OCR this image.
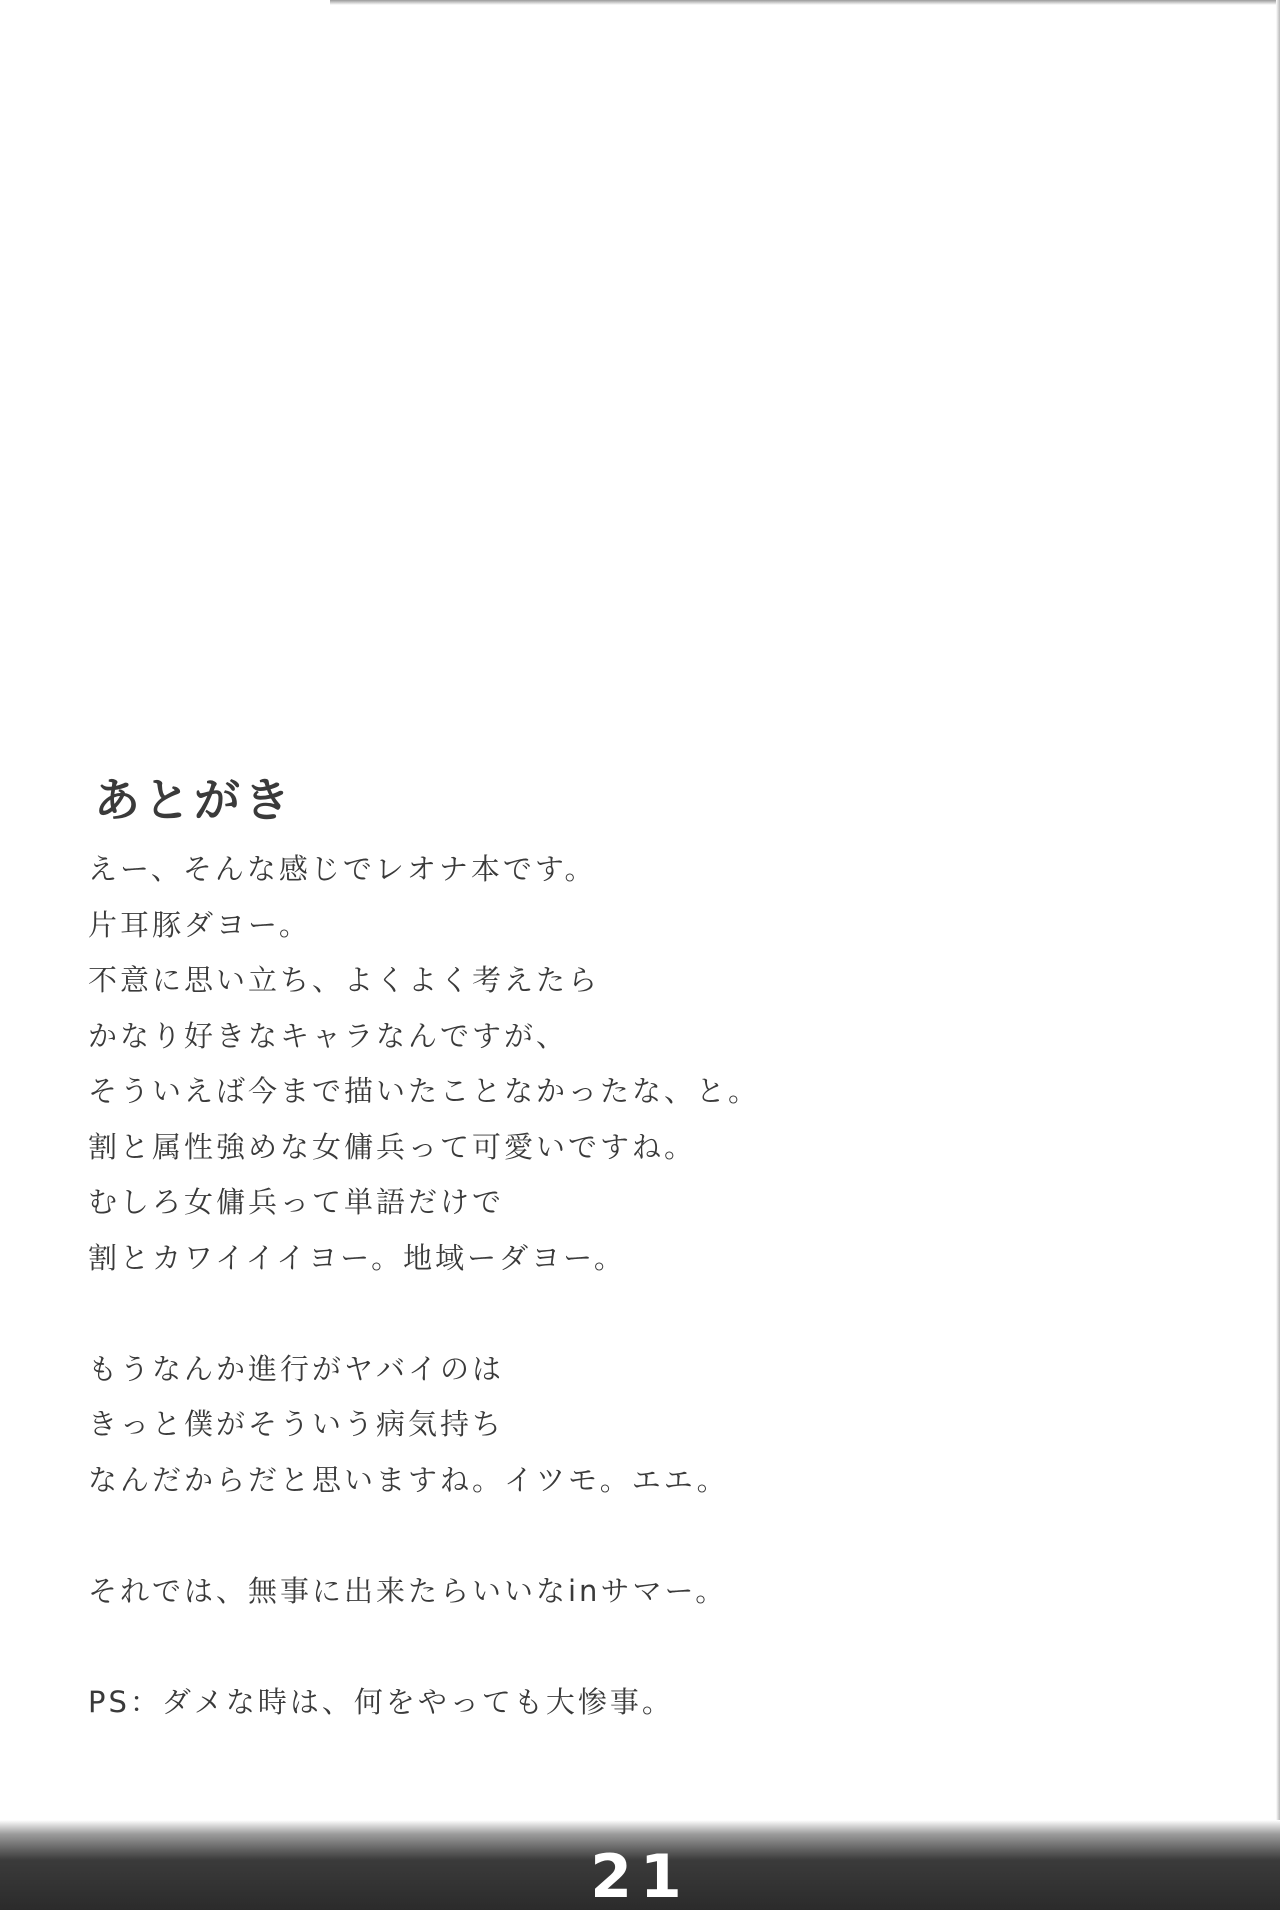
あとがき
えー、そんな感じでレオナ本です。
片耳豚ダヨー。
不意に思い立ち、よくよく考えたら
かなり好きなキャラなんですが、
そういえば今まで描いたことなかったな、と。
割と属性強めな女傭兵って可愛いですね。
むしろ女傭兵って単語だけで
割とカワイイイヨー。地域ーダヨー。
もうなんか進行がヤバイのは
きっと僕がそういう病気持ち
なんだからだと思いますね。イツモ。エエ。
それでは、無事に出来たらいいなinサマー。
PS：ダメな時は、何をやっても大惨事。
21
